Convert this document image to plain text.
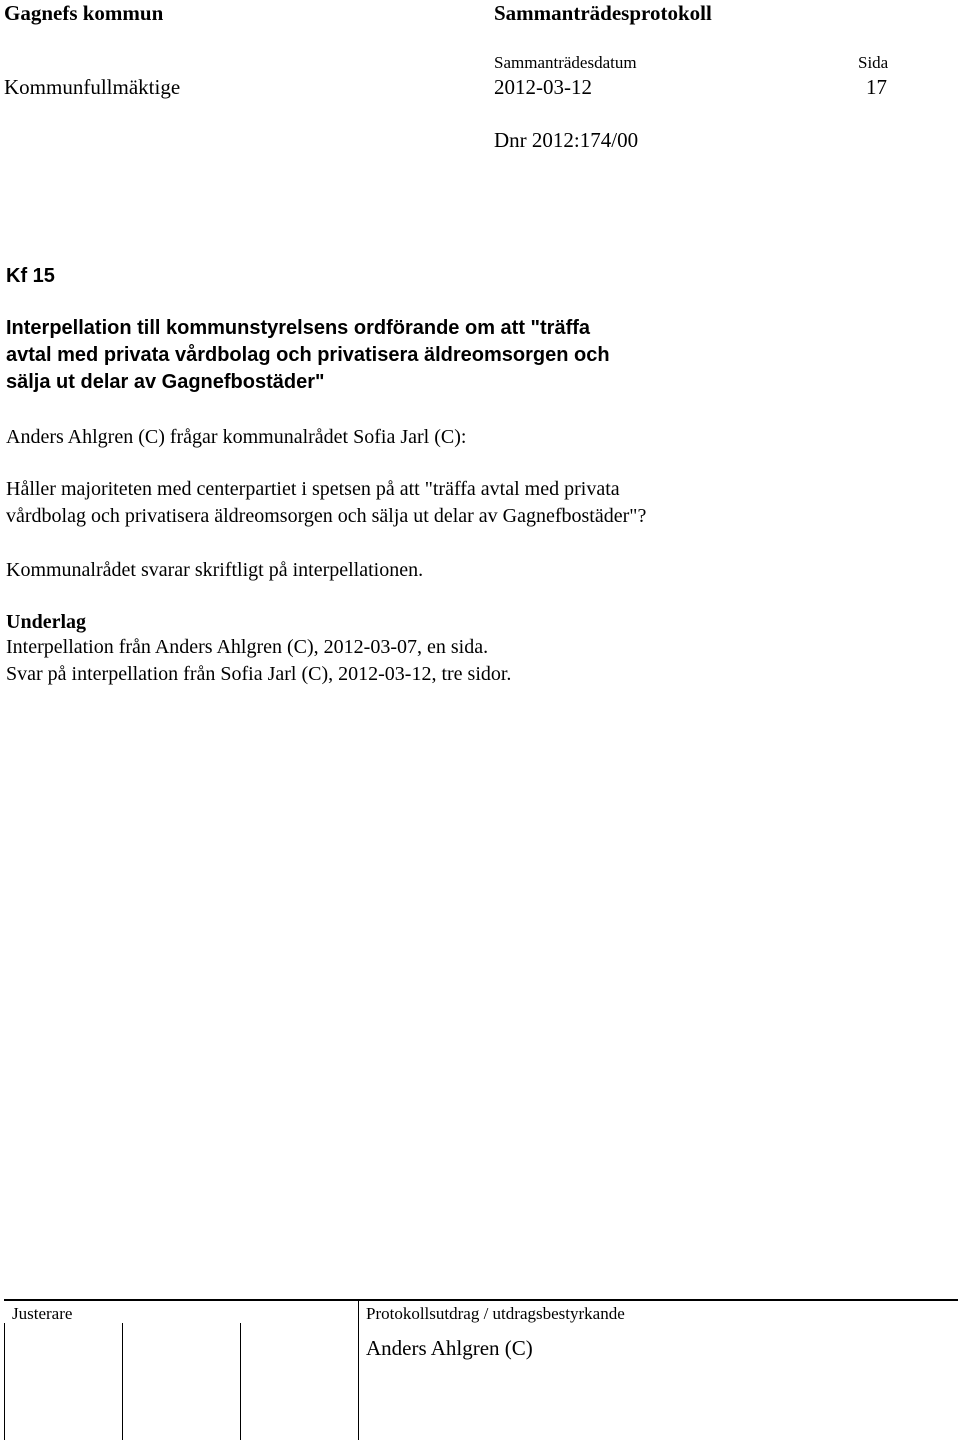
Gagnefs kommun	Sammanträdesprotokoll
Sammanträdesdatum	Sida
Kommunfullmäktige	2012-03-12	17
Dnr 2012:174/00
Kf 15
Interpellation till kommunstyrelsens ordförande om att "träffa
avtal med privata vårdbolag och privatisera äldreomsorgen och
sälja ut delar av Gagnefbostäder"
Anders Ahlgren (C) frågar kommunalrådet Sofia Jarl (C):
Håller majoriteten med centerpartiet i spetsen på att "träffa avtal med privata
vårdbolag och privatisera äldreomsorgen och sälja ut delar av Gagnefbostäder"?
Kommunalrådet svarar skriftligt på interpellationen.
Underlag
Interpellation från Anders Ahlgren (C), 2012-03-07, en sida.
Svar på interpellation från Sofia Jarl (C), 2012-03-12, tre sidor.
Justerare	Protokollsutdrag / utdragsbestyrkande
Anders Ahlgren (C)
